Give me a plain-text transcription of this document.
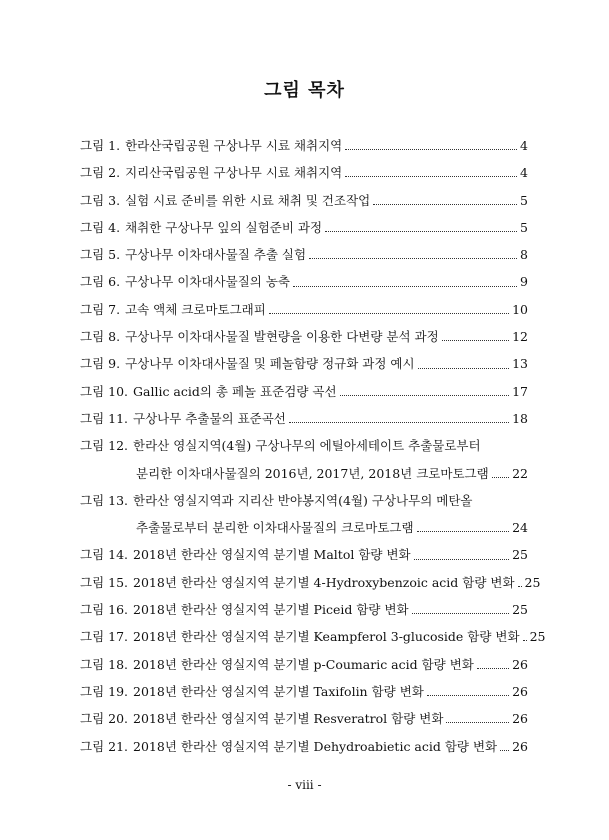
그림 목차
그림 1. 한라산국립공원 구상나무 시료 채취지역	4
그림 2. 지리산국립공원 구상나무 시료 채취지역	4
그림 3. 실험 시료 준비를 위한 시료 채취 및 건조작업	5
그림 4. 채취한 구상나무 잎의 실험준비 과정	5
그림 5. 구상나무 이차대사물질 추출 실험	8
그림 6. 구상나무 이차대사물질의 농축	9
그림 7. 고속 액체 크로마토그래피	10
그림 8. 구상나무 이차대사물질 발현량을 이용한 다변량 분석 과정	12
그림 9. 구상나무 이차대사물질 및 페놀함량 정규화 과정 예시	13
그림 10. Gallic acid의 총 페놀 표준검량 곡선	17
그림 11. 구상나무 추출물의 표준곡선	18
그림 12. 한라산 영실지역(4월) 구상나무의 에틸아세테이트 추출물로부터
분리한 이차대사물질의 2016년, 2017년, 2018년 크로마토그램 22
그림 13. 한라산 영실지역과 지리산 반야봉지역(4월) 구상나무의 메탄올
추출물로부터 분리한 이차대사물질의 크로마토그램	24
그림 14. 2018년 한라산 영실지역 분기별 Maltol 함량 변화	25
그림 15. 2018년 한라산 영실지역 분기별 4-Hydroxybenzoic acid 함량 변화 25
그림 16. 2018년 한라산 영실지역 분기별 Piceid 함량 변화	25
그림 17. 2018년 한라산 영실지역 분기별 Keampferol 3-glucoside 함량 변화 25
그림 18. 2018년 한라산 영실지역 분기별 p-Coumaric acid 함량 변화	26
그림 19. 2018년 한라산 영실지역 분기별 Taxifolin 함량 변화	26
그림 20. 2018년 한라산 영실지역 분기별 Resveratrol 함량 변화	26
그림 21. 2018년 한라산 영실지역 분기별 Dehydroabietic acid 함량 변화 26
- viii -
